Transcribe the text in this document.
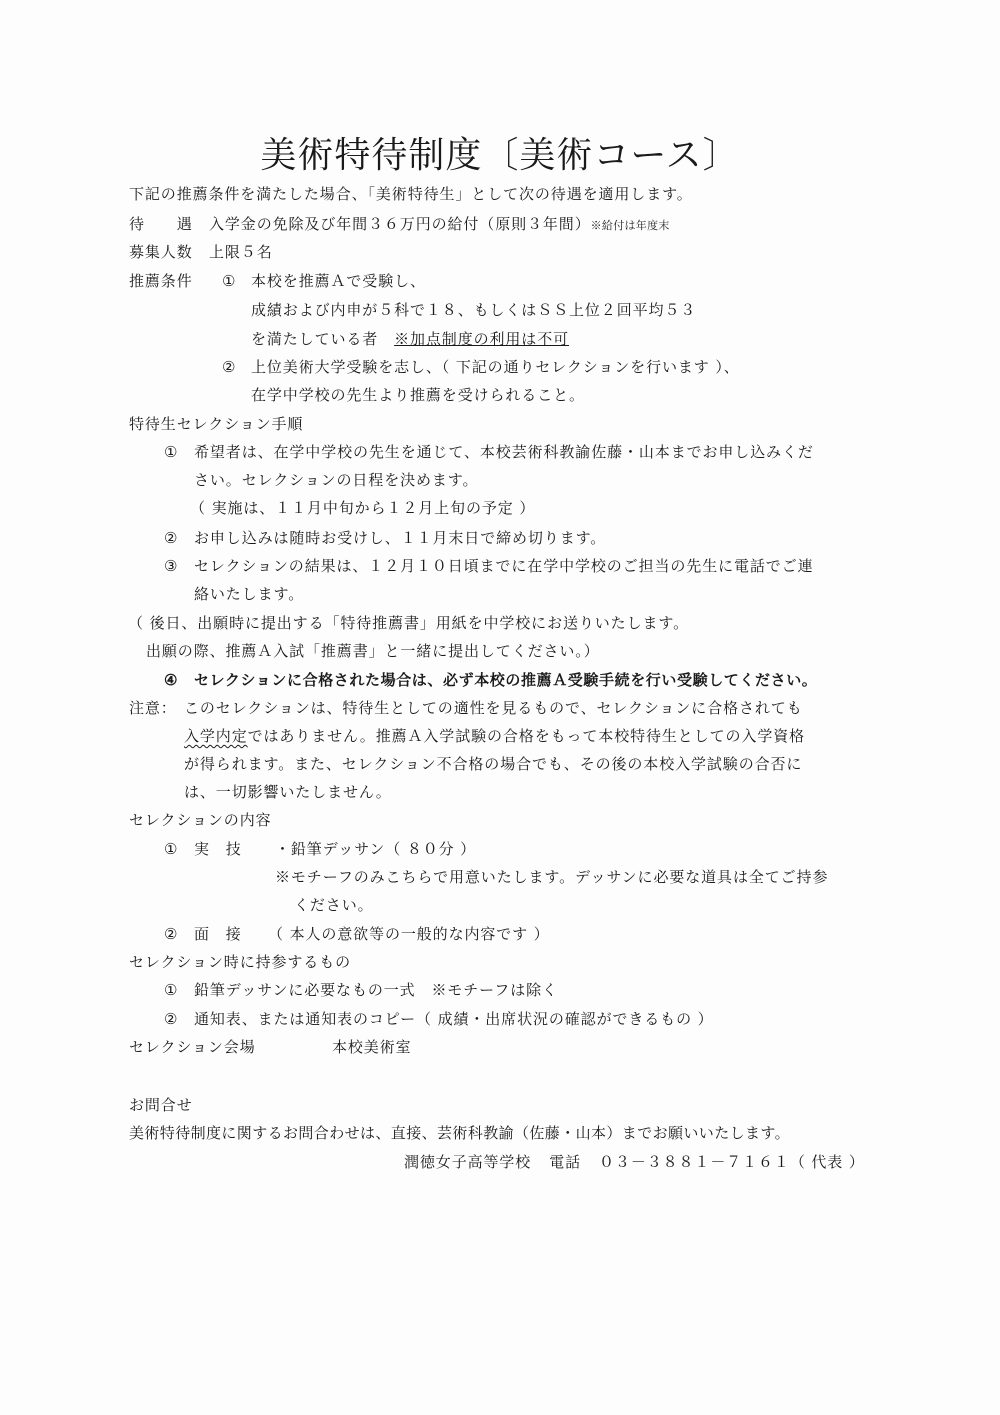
美術特待制度〔美術コース〕
下記の推薦条件を満たした場合、「美術特待生」として次の待遇を適用します。
待　　遇 入学金の免除及び年間３６万円の給付（原則３年間）※給付は年度末
募集人数 上限５名
推薦条件 ① 本校を推薦Ａで受験し、
成績および内申が５科で１８、もしくはＳＳ上位２回平均５３
を満たしている者　※加点制度の利用は不可
② 上位美術大学受験を志し、（ 下記の通りセレクションを行います ）、
在学中学校の先生より推薦を受けられること。
特待生セレクション手順
① 希望者は、在学中学校の先生を通じて、本校芸術科教諭佐藤・山本までお申し込みくだ
さい。セレクションの日程を決めます。
（ 実施は、１１月中旬から１２月上旬の予定 ）
② お申し込みは随時お受けし、１１月末日で締め切ります。
③ セレクションの結果は、１２月１０日頃までに在学中学校のご担当の先生に電話でご連
絡いたします。
（ 後日、出願時に提出する「特待推薦書」用紙を中学校にお送りいたします。
出願の際、推薦Ａ入試「推薦書」と一緒に提出してください。）
④ セレクションに合格された場合は、必ず本校の推薦Ａ受験手続を行い受験してください。
注意： このセレクションは、特待生としての適性を見るもので、セレクションに合格されても
入学内定ではありません。推薦Ａ入学試験の合格をもって本校特待生としての入学資格
が得られます。また、セレクション不合格の場合でも、その後の本校入学試験の合否に
は、一切影響いたしません。
セレクションの内容
① 実　技 ・鉛筆デッサン（ ８０分 ）
※モチーフのみこちらで用意いたします。デッサンに必要な道具は全てご持参
ください。
② 面　接 （ 本人の意欲等の一般的な内容です ）
セレクション時に持参するもの
① 鉛筆デッサンに必要なもの一式　※モチーフは除く
② 通知表、または通知表のコピー（ 成績・出席状況の確認ができるもの ）
セレクション会場	本校美術室
お問合せ
美術特待制度に関するお問合わせは、直接、芸術科教諭（佐藤・山本）までお願いいたします。
潤徳女子高等学校 電話 ０３－３８８１－７１６１（ 代表 ）
